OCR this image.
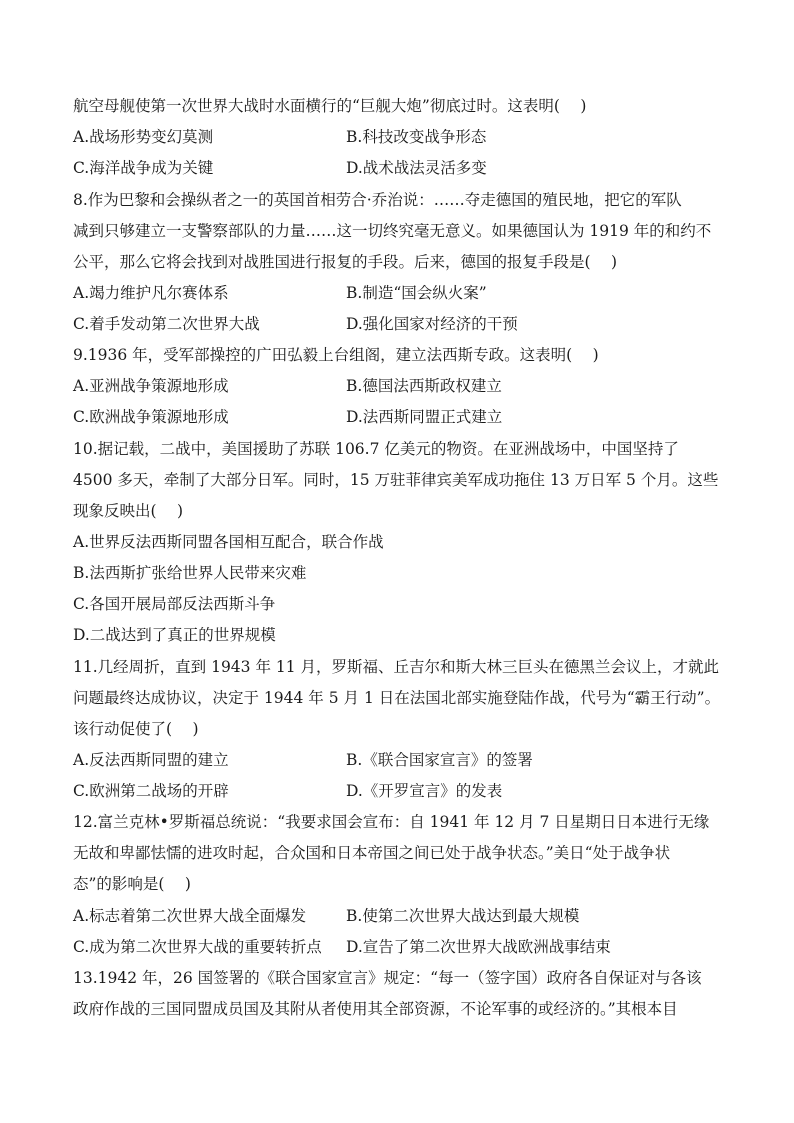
航空母舰使第一次世界大战时水面横行的“巨舰大炮”彻底过时。这表明(　 )
A.战场形势变幻莫测	B.科技改变战争形态
C.海洋战争成为关键	D.战术战法灵活多变
8.作为巴黎和会操纵者之一的英国首相劳合·乔治说：……夺走德国的殖民地，把它的军队
减到只够建立一支警察部队的力量……这一切终究毫无意义。如果德国认为 1919 年的和约不
公平，那么它将会找到对战胜国进行报复的手段。后来，德国的报复手段是(　 )
A.竭力维护凡尔赛体系	B.制造“国会纵火案”
C.着手发动第二次世界大战	D.强化国家对经济的干预
9.1936 年，受军部操控的广田弘毅上台组阁，建立法西斯专政。这表明(　 )
A.亚洲战争策源地形成	B.德国法西斯政权建立
C.欧洲战争策源地形成	D.法西斯同盟正式建立
10.据记载，二战中，美国援助了苏联 106.7 亿美元的物资。在亚洲战场中，中国坚持了
4500 多天，牵制了大部分日军。同时，15 万驻菲律宾美军成功拖住 13 万日军 5 个月。这些
现象反映出(　 )
A.世界反法西斯同盟各国相互配合，联合作战
B.法西斯扩张给世界人民带来灾难
C.各国开展局部反法西斯斗争
D.二战达到了真正的世界规模
11.几经周折，直到 1943 年 11 月，罗斯福、丘吉尔和斯大林三巨头在德黑兰会议上，才就此
问题最终达成协议，决定于 1944 年 5 月 1 日在法国北部实施登陆作战，代号为“霸王行动”。
该行动促使了(　 )
A.反法西斯同盟的建立	B.《联合国家宣言》的签署
C.欧洲第二战场的开辟	D.《开罗宣言》的发表
12.富兰克林•罗斯福总统说：“我要求国会宣布：自 1941 年 12 月 7 日星期日日本进行无缘
无故和卑鄙怯懦的进攻时起，合众国和日本帝国之间已处于战争状态。”美日“处于战争状
态”的影响是(　 )
A.标志着第二次世界大战全面爆发	B.使第二次世界大战达到最大规模
C.成为第二次世界大战的重要转折点 D.宣告了第二次世界大战欧洲战事结束
13.1942 年，26 国签署的《联合国家宣言》规定：“每一（签字国）政府各自保证对与各该
政府作战的三国同盟成员国及其附从者使用其全部资源，不论军事的或经济的。”其根本目
